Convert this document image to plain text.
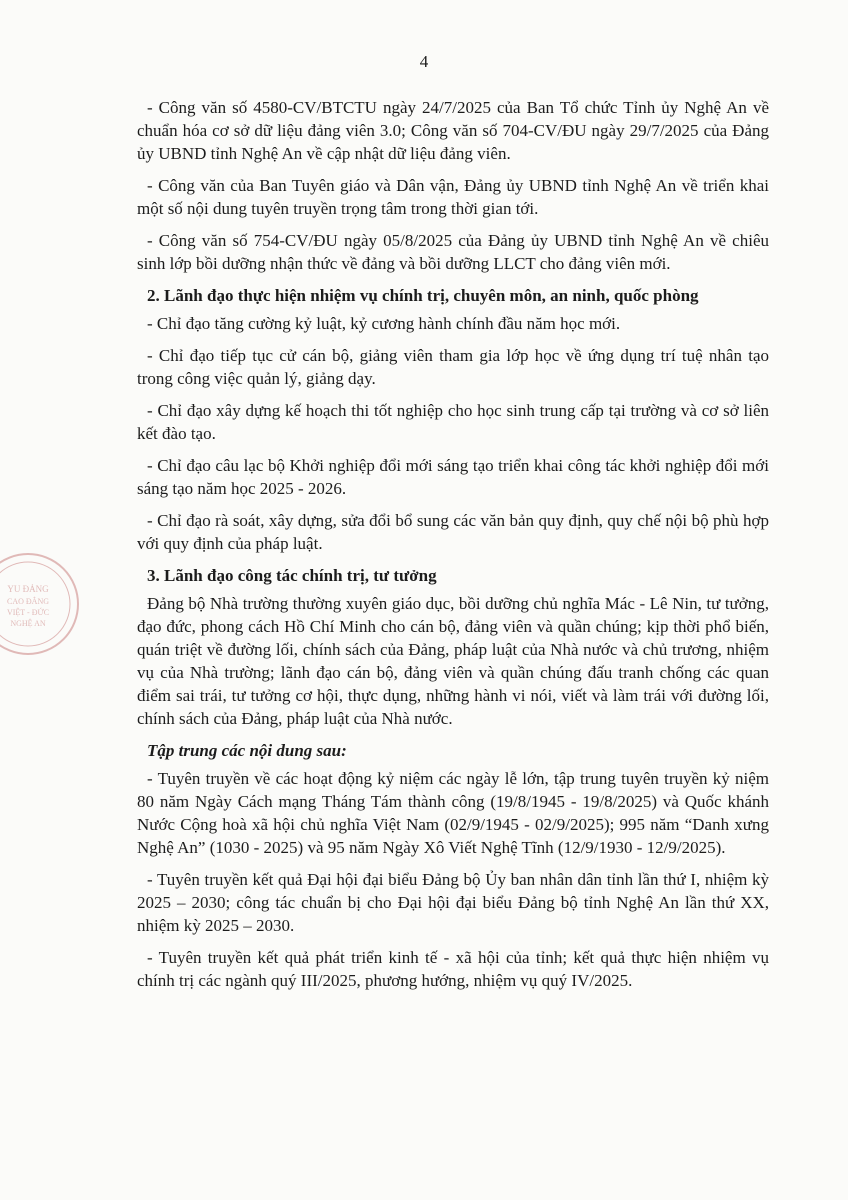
4
YU ĐẢNG
CAO ĐẲNG
VIỆT - ĐỨC
NGHỆ AN

- Công văn số 4580-CV/BTCTU ngày 24/7/2025 của Ban Tổ chức Tỉnh ủy Nghệ An về chuẩn hóa cơ sở dữ liệu đảng viên 3.0; Công văn số 704-CV/ĐU ngày 29/7/2025 của Đảng ủy UBND tỉnh Nghệ An về cập nhật dữ liệu đảng viên.

- Công văn của Ban Tuyên giáo và Dân vận, Đảng ủy UBND tỉnh Nghệ An về triển khai một số nội dung tuyên truyền trọng tâm trong thời gian tới.

- Công văn số 754-CV/ĐU ngày 05/8/2025 của Đảng ủy UBND tỉnh Nghệ An về chiêu sinh lớp bồi dưỡng nhận thức về đảng và bồi dưỡng LLCT cho đảng viên mới.

2. Lãnh đạo thực hiện nhiệm vụ chính trị, chuyên môn, an ninh, quốc phòng

- Chỉ đạo tăng cường kỷ luật, kỷ cương hành chính đầu năm học mới.

- Chỉ đạo tiếp tục cử cán bộ, giảng viên tham gia lớp học về ứng dụng trí tuệ nhân tạo trong công việc quản lý, giảng dạy.

- Chỉ đạo xây dựng kế hoạch thi tốt nghiệp cho học sinh trung cấp tại trường và cơ sở liên kết đào tạo.

- Chỉ đạo câu lạc bộ Khởi nghiệp đổi mới sáng tạo triển khai công tác khởi nghiệp đổi mới sáng tạo năm học 2025 - 2026.

- Chỉ đạo rà soát, xây dựng, sửa đổi bổ sung các văn bản quy định, quy chế nội bộ phù hợp với quy định của pháp luật.

3. Lãnh đạo công tác chính trị, tư tưởng

Đảng bộ Nhà trường thường xuyên giáo dục, bồi dưỡng chủ nghĩa Mác - Lê Nin, tư tưởng, đạo đức, phong cách Hồ Chí Minh cho cán bộ, đảng viên và quần chúng; kịp thời phổ biến, quán triệt về đường lối, chính sách của Đảng, pháp luật của Nhà nước và chủ trương, nhiệm vụ của Nhà trường; lãnh đạo cán bộ, đảng viên và quần chúng đấu tranh chống các quan điểm sai trái, tư tưởng cơ hội, thực dụng, những hành vi nói, viết và làm trái với đường lối, chính sách của Đảng, pháp luật của Nhà nước.

Tập trung các nội dung sau:

- Tuyên truyền về các hoạt động kỷ niệm các ngày lễ lớn, tập trung tuyên truyền kỷ niệm 80 năm Ngày Cách mạng Tháng Tám thành công (19/8/1945 - 19/8/2025) và Quốc khánh Nước Cộng hoà xã hội chủ nghĩa Việt Nam (02/9/1945 - 02/9/2025); 995 năm “Danh xưng Nghệ An” (1030 - 2025) và 95 năm Ngày Xô Viết Nghệ Tĩnh (12/9/1930 - 12/9/2025).

- Tuyên truyền kết quả Đại hội đại biểu Đảng bộ Ủy ban nhân dân tỉnh lần thứ I, nhiệm kỳ 2025 – 2030; công tác chuẩn bị cho Đại hội đại biểu Đảng bộ tỉnh Nghệ An lần thứ XX, nhiệm kỳ 2025 – 2030.

- Tuyên truyền kết quả phát triển kinh tế - xã hội của tỉnh; kết quả thực hiện nhiệm vụ chính trị các ngành quý III/2025, phương hướng, nhiệm vụ quý IV/2025.
